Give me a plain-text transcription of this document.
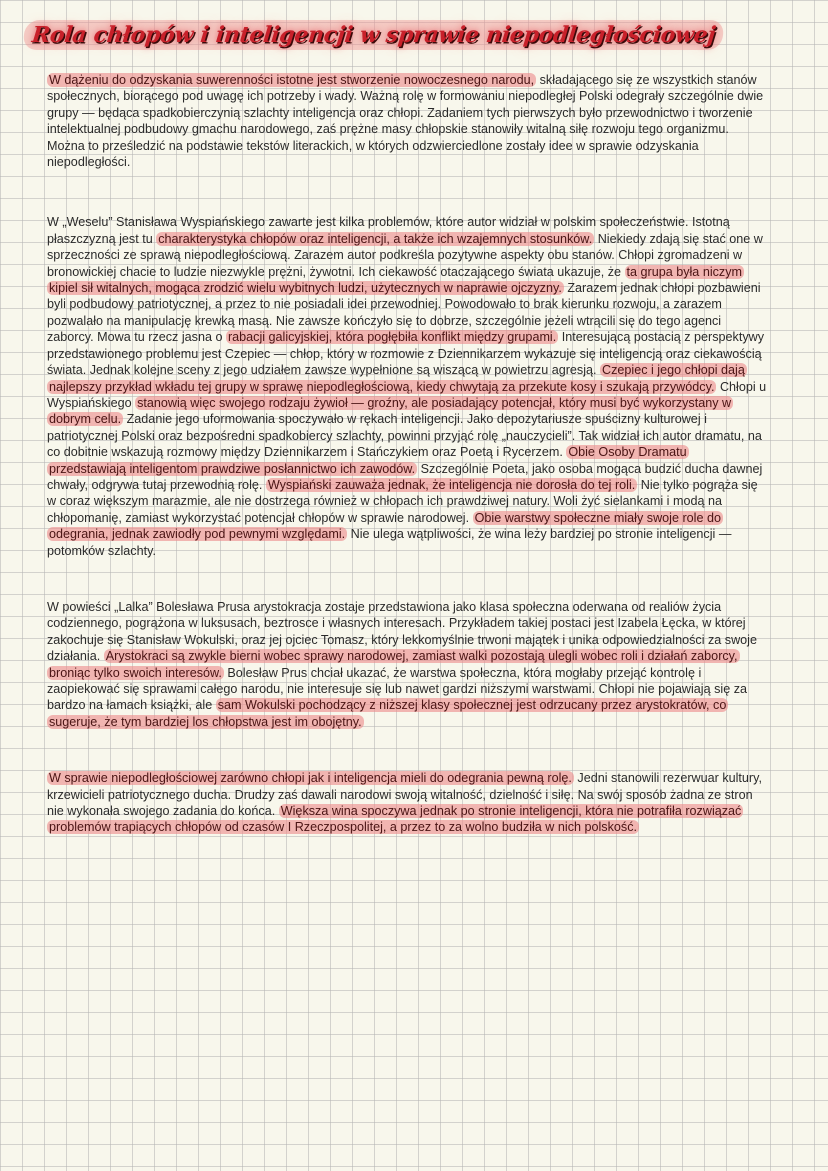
Rola chłopów i inteligencji w sprawie niepodległościowej

W dążeniu do odzyskania suwerenności istotne jest stworzenie nowoczesnego narodu, składającego się ze wszystkich stanów społecznych, biorącego pod uwagę ich potrzeby i wady. Ważną rolę w formowaniu niepodległej Polski odegrały szczególnie dwie grupy — będąca spadkobierczynią szlachty inteligencja oraz chłopi. Zadaniem tych pierwszych było przewodnictwo i tworzenie intelektualnej podbudowy gmachu narodowego, zaś prężne masy chłopskie stanowiły witalną siłę rozwoju tego organizmu. Można to prześledzić na podstawie tekstów literackich, w których odzwierciedlone zostały idee w sprawie odzyskania niepodległości.

W „Weselu” Stanisława Wyspiańskiego zawarte jest kilka problemów, które autor widział w polskim społeczeństwie. Istotną płaszczyzną jest tu charakterystyka chłopów oraz inteligencji, a także ich wzajemnych stosunków. Niekiedy zdają się stać one w sprzeczności ze sprawą niepodległościową. Zarazem autor podkreśla pozytywne aspekty obu stanów. Chłopi zgromadzeni w bronowickiej chacie to ludzie niezwykle prężni, żywotni. Ich ciekawość otaczającego świata ukazuje, że ta grupa była niczym kipiel sił witalnych, mogąca zrodzić wielu wybitnych ludzi, użytecznych w naprawie ojczyzny. Zarazem jednak chłopi pozbawieni byli podbudowy patriotycznej, a przez to nie posiadali idei przewodniej. Powodowało to brak kierunku rozwoju, a zarazem pozwalało na manipulację krewką masą. Nie zawsze kończyło się to dobrze, szczególnie jeżeli wtrącili się do tego agenci zaborcy. Mowa tu rzecz jasna o rabacji galicyjskiej, która pogłębiła konflikt między grupami. Interesującą postacią z perspektywy przedstawionego problemu jest Czepiec — chłop, który w rozmowie z Dziennikarzem wykazuje się inteligencją oraz ciekawością świata. Jednak kolejne sceny z jego udziałem zawsze wypełnione są wiszącą w powietrzu agresją. Czepiec i jego chłopi dają najlepszy przykład wkładu tej grupy w sprawę niepodległościową, kiedy chwytają za przekute kosy i szukają przywódcy. Chłopi u Wyspiańskiego stanowią więc swojego rodzaju żywioł — groźny, ale posiadający potencjał, który musi być wykorzystany w dobrym celu. Zadanie jego uformowania spoczywało w rękach inteligencji. Jako depozytariusze spuścizny kulturowej i patriotycznej Polski oraz bezpośredni spadkobiercy szlachty, powinni przyjąć rolę „nauczycieli”. Tak widział ich autor dramatu, na co dobitnie wskazują rozmowy między Dziennikarzem i Stańczykiem oraz Poetą i Rycerzem. Obie Osoby Dramatu przedstawiają inteligentom prawdziwe posłannictwo ich zawodów. Szczególnie Poeta, jako osoba mogąca budzić ducha dawnej chwały, odgrywa tutaj przewodnią rolę. Wyspiański zauważa jednak, że inteligencja nie dorosła do tej roli. Nie tylko pogrąża się w coraz większym marazmie, ale nie dostrzega również w chłopach ich prawdziwej natury. Woli żyć sielankami i modą na chłopomanię, zamiast wykorzystać potencjał chłopów w sprawie narodowej. Obie warstwy społeczne miały swoje role do odegrania, jednak zawiodły pod pewnymi względami. Nie ulega wątpliwości, że wina leży bardziej po stronie inteligencji — potomków szlachty.

W powieści „Lalka” Bolesława Prusa arystokracja zostaje przedstawiona jako klasa społeczna oderwana od realiów życia codziennego, pogrążona w luksusach, beztrosce i własnych interesach. Przykładem takiej postaci jest Izabela Łęcka, w której zakochuje się Stanisław Wokulski, oraz jej ojciec Tomasz, który lekkomyślnie trwoni majątek i unika odpowiedzialności za swoje działania. Arystokraci są zwykle bierni wobec sprawy narodowej, zamiast walki pozostają ulegli wobec roli i działań zaborcy, broniąc tylko swoich interesów. Bolesław Prus chciał ukazać, że warstwa społeczna, która mogłaby przejąć kontrolę i zaopiekować się sprawami całego narodu, nie interesuje się lub nawet gardzi niższymi warstwami. Chłopi nie pojawiają się za bardzo na łamach książki, ale sam Wokulski pochodzący z niższej klasy społecznej jest odrzucany przez arystokratów, co sugeruje, że tym bardziej los chłopstwa jest im obojętny.

W sprawie niepodległościowej zarówno chłopi jak i inteligencja mieli do odegrania pewną rolę. Jedni stanowili rezerwuar kultury, krzewicieli patriotycznego ducha. Drudzy zaś dawali narodowi swoją witalność, dzielność i siłę. Na swój sposób żadna ze stron nie wykonała swojego zadania do końca. Większa wina spoczywa jednak po stronie inteligencji, która nie potrafiła rozwiązać problemów trapiących chłopów od czasów I Rzeczpospolitej, a przez to za wolno budziła w nich polskość.
